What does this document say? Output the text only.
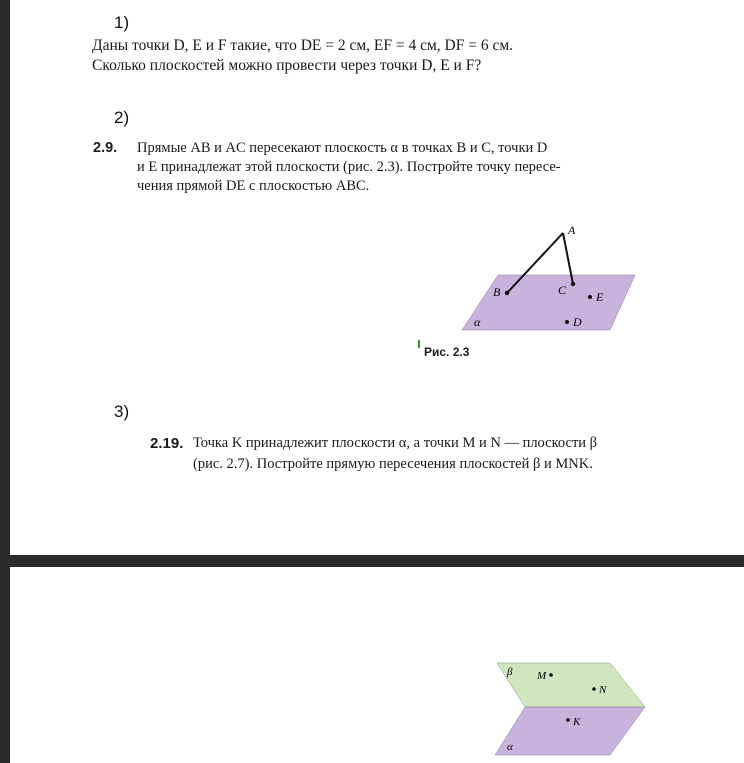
1)
Даны точки D, E и F такие, что DE = 2 см, EF = 4 см, DF = 6 см.
Сколько плоскостей можно провести через точки D, E и F?
2)
2.9. Прямые AB и AC пересекают плоскость α в точках B и C, точки D
и E принадлежат этой плоскости (рис. 2.3). Постройте точку пересе-
чения прямой DE с плоскостью ABC.
A
B	C E
D
α
Рис. 2.3
3)
2.19. Точка K принадлежит плоскости α, а точки M и N — плоскости β
(рис. 2.7). Постройте прямую пересечения плоскостей β и MNK.
β M
N
K
α
